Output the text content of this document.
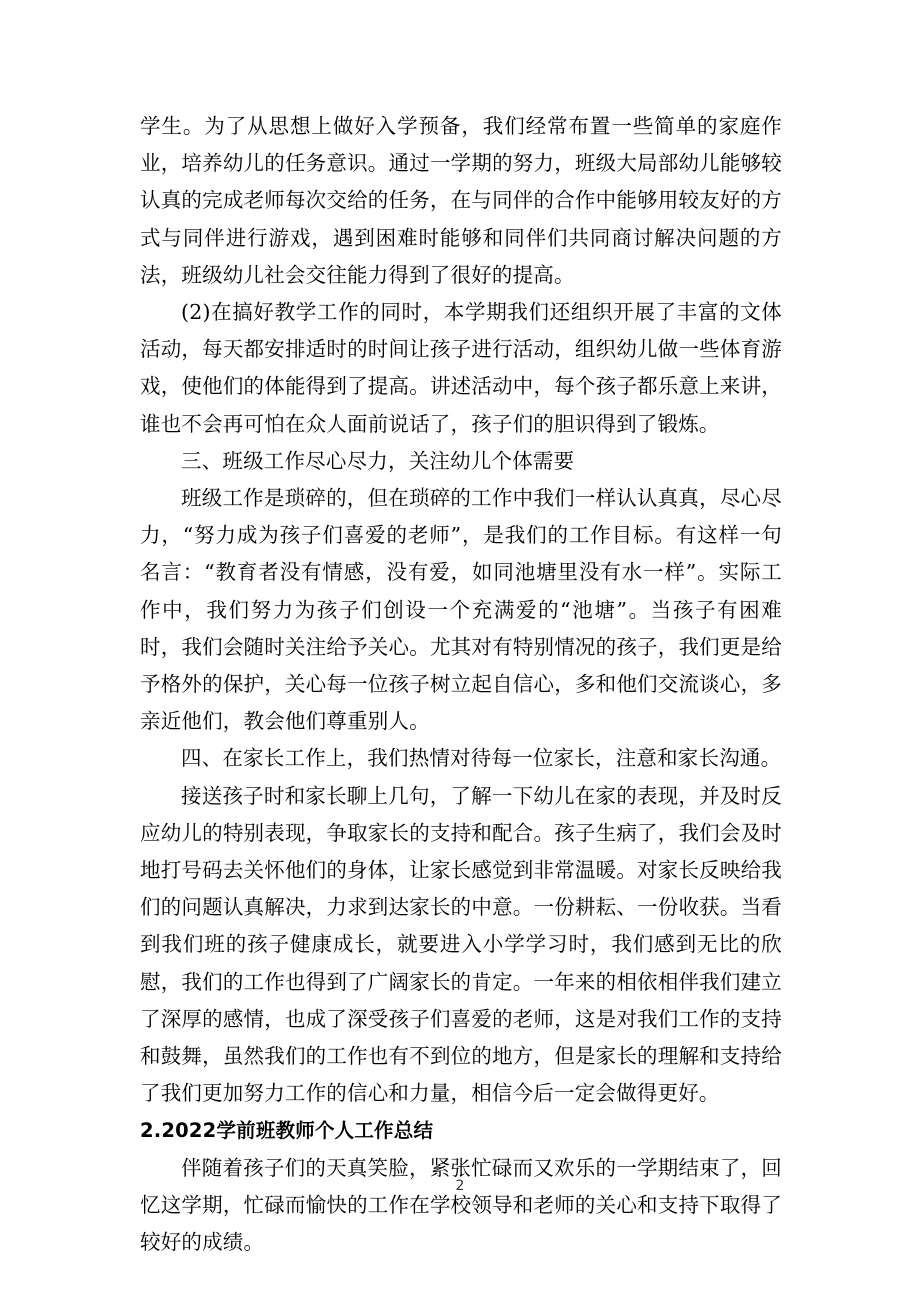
学生。为了从思想上做好入学预备，我们经常布置一些简单的家庭作业，培养幼儿的任务意识。通过一学期的努力，班级大局部幼儿能够较认真的完成老师每次交给的任务，在与同伴的合作中能够用较友好的方式与同伴进行游戏，遇到困难时能够和同伴们共同商讨解决问题的方法，班级幼儿社会交往能力得到了很好的提高。

(2)在搞好教学工作的同时，本学期我们还组织开展了丰富的文体活动，每天都安排适时的时间让孩子进行活动，组织幼儿做一些体育游戏，使他们的体能得到了提高。讲述活动中，每个孩子都乐意上来讲，谁也不会再可怕在众人面前说话了，孩子们的胆识得到了锻炼。

三、班级工作尽心尽力，关注幼儿个体需要

班级工作是琐碎的，但在琐碎的工作中我们一样认认真真，尽心尽力，“努力成为孩子们喜爱的老师”，是我们的工作目标。有这样一句名言：“教育者没有情感，没有爱，如同池塘里没有水一样”。实际工作中，我们努力为孩子们创设一个充满爱的“池塘”。当孩子有困难时，我们会随时关注给予关心。尤其对有特别情况的孩子，我们更是给予格外的保护，关心每一位孩子树立起自信心，多和他们交流谈心，多亲近他们，教会他们尊重别人。

四、在家长工作上，我们热情对待每一位家长，注意和家长沟通。

接送孩子时和家长聊上几句，了解一下幼儿在家的表现，并及时反应幼儿的特别表现，争取家长的支持和配合。孩子生病了，我们会及时地打号码去关怀他们的身体，让家长感觉到非常温暖。对家长反映给我们的问题认真解决，力求到达家长的中意。一份耕耘、一份收获。当看到我们班的孩子健康成长，就要进入小学学习时，我们感到无比的欣慰，我们的工作也得到了广阔家长的肯定。一年来的相依相伴我们建立了深厚的感情，也成了深受孩子们喜爱的老师，这是对我们工作的支持和鼓舞，虽然我们的工作也有不到位的地方，但是家长的理解和支持给了我们更加努力工作的信心和力量，相信今后一定会做得更好。

2.2022学前班教师个人工作总结

伴随着孩子们的天真笑脸，紧张忙碌而又欢乐的一学期结束了，回忆这学期，忙碌而愉快的工作在学校领导和老师的关心和支持下取得了较好的成绩。

2
